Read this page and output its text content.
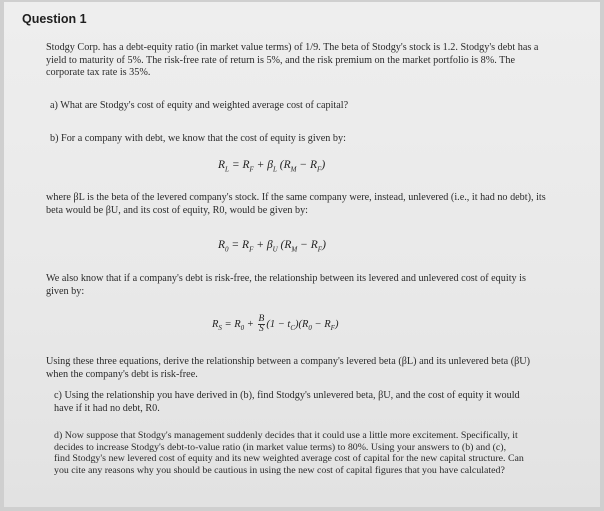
Question 1

Stodgy Corp. has a debt-equity ratio (in market value terms) of 1/9. The beta of Stodgy's stock is 1.2. Stodgy's debt has a yield to maturity of 5%. The risk-free rate of return is 5%, and the risk premium on the market portfolio is 8%. The corporate tax rate is 35%.

a) What are Stodgy's cost of equity and weighted average cost of capital?

b) For a company with debt, we know that the cost of equity is given by:

$R_L = R_F + \beta_L$ $(R_M - R_F)$

where βL is the beta of the levered company's stock. If the same company were, instead, unlevered (i.e., it had no debt), its beta would be βU, and its cost of equity, R0, would be given by:

$R_0 = R_F + \beta_U$ $(R_M - R_F)$

We also know that if a company's debt is risk-free, the relationship between its levered and unlevered cost of equity is given by:

$R_S = R_0 + \frac{B}{S} (1 - t_C)(R_0 - R_F)$

Using these three equations, derive the relationship between a company's levered beta (βL) and its unlevered beta (βU) when the company's debt is risk-free.

c) Using the relationship you have derived in (b), find Stodgy's unlevered beta, βU, and the cost of equity it would have if it had no debt, R0.

d) Now suppose that Stodgy's management suddenly decides that it could use a little more excitement. Specifically, it decides to increase Stodgy's debt-to-value ratio (in market value terms) to 80%. Using your answers to (b) and (c), find Stodgy's new levered cost of equity and its new weighted average cost of capital for the new capital structure. Can you cite any reasons why you should be cautious in using the new cost of capital figures that you have calculated?
